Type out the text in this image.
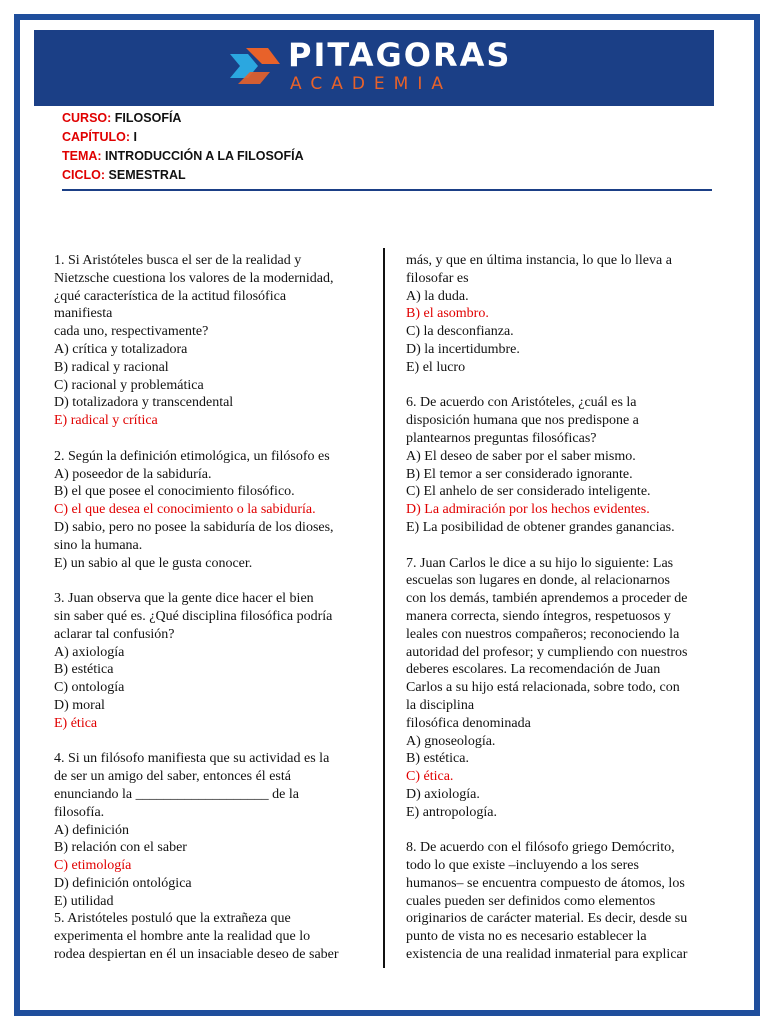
PITAGORAS
ACADEMIA
CURSO: FILOSOFÍA
CAPÍTULO: I
TEMA: INTRODUCCIÓN A LA FILOSOFÍA
CICLO: SEMESTRAL

1. Si Aristóteles busca el ser de la realidad y

Nietzsche cuestiona los valores de la modernidad,

¿qué característica de la actitud filosófica

manifiesta

cada uno, respectivamente?

A) crítica y totalizadora

B) radical y racional

C) racional y problemática

D) totalizadora y transcendental

E) radical y crítica

2. Según la definición etimológica, un filósofo es

A) poseedor de la sabiduría.

B) el que posee el conocimiento filosófico.

C) el que desea el conocimiento o la sabiduría.

D) sabio, pero no posee la sabiduría de los dioses,

sino la humana.

E) un sabio al que le gusta conocer.

3. Juan observa que la gente dice hacer el bien

sin saber qué es. ¿Qué disciplina filosófica podría

aclarar tal confusión?

A) axiología

B) estética

C) ontología

D) moral

E) ética

4. Si un filósofo manifiesta que su actividad es la

de ser un amigo del saber, entonces él está

enunciando la ___________________ de la

filosofía.

A) definición

B) relación con el saber

C) etimología

D) definición ontológica

E) utilidad

5. Aristóteles postuló que la extrañeza que

experimenta el hombre ante la realidad que lo

rodea despiertan en él un insaciable deseo de saber

más, y que en última instancia, lo que lo lleva a

filosofar es

A) la duda.

B) el asombro.

C) la desconfianza.

D) la incertidumbre.

E) el lucro

6. De acuerdo con Aristóteles, ¿cuál es la

disposición humana que nos predispone a

plantearnos preguntas filosóficas?

A) El deseo de saber por el saber mismo.

B) El temor a ser considerado ignorante.

C) El anhelo de ser considerado inteligente.

D) La admiración por los hechos evidentes.

E) La posibilidad de obtener grandes ganancias.

7. Juan Carlos le dice a su hijo lo siguiente: Las

escuelas son lugares en donde, al relacionarnos

con los demás, también aprendemos a proceder de

manera correcta, siendo íntegros, respetuosos y

leales con nuestros compañeros; reconociendo la

autoridad del profesor; y cumpliendo con nuestros

deberes escolares. La recomendación de Juan

Carlos a su hijo está relacionada, sobre todo, con

la disciplina

filosófica denominada

A) gnoseología.

B) estética.

C) ética.

D) axiología.

E) antropología.

8. De acuerdo con el filósofo griego Demócrito,

todo lo que existe –incluyendo a los seres

humanos– se encuentra compuesto de átomos, los

cuales pueden ser definidos como elementos

originarios de carácter material. Es decir, desde su

punto de vista no es necesario establecer la

existencia de una realidad inmaterial para explicar
